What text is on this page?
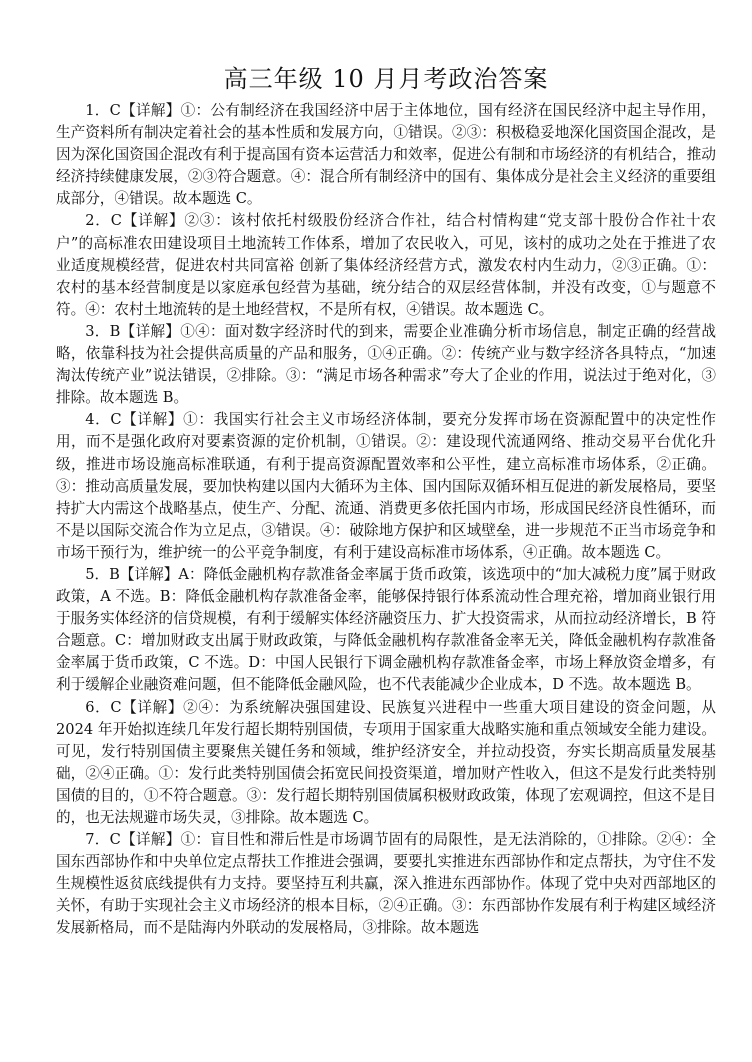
高三年级 10 月月考政治答案

1．C【详解】①：公有制经济在我国经济中居于主体地位，国有经济在国民经济中起主导作用，生产资料所有制决定着社会的基本性质和发展方向，①错误。②③：积极稳妥地深化国资国企混改，是因为深化国资国企混改有利于提高国有资本运营活力和效率，促进公有制和市场经济的有机结合，推动经济持续健康发展，②③符合题意。④：混合所有制经济中的国有、集体成分是社会主义经济的重要组成部分，④错误。故本题选 C。

2．C【详解】②③：该村依托村级股份经济合作社，结合村情构建“党支部十股份合作社十农户”的高标准农田建设项目土地流转工作体系，增加了农民收入，可见，该村的成功之处在于推进了农业适度规模经营，促进农村共同富裕 创新了集体经济经营方式，激发农村内生动力，②③正确。①：农村的基本经营制度是以家庭承包经营为基础，统分结合的双层经营体制，并没有改变，①与题意不符。④：农村土地流转的是土地经营权，不是所有权，④错误。故本题选 C。

3．B【详解】①④：面对数字经济时代的到来，需要企业准确分析市场信息，制定正确的经营战略，依靠科技为社会提供高质量的产品和服务，①④正确。②：传统产业与数字经济各具特点，“加速淘汰传统产业”说法错误，②排除。③：“满足市场各种需求”夸大了企业的作用，说法过于绝对化，③排除。故本题选 B。

4．C【详解】①：我国实行社会主义市场经济体制，要充分发挥市场在资源配置中的决定性作用，而不是强化政府对要素资源的定价机制，①错误。②：建设现代流通网络、推动交易平台优化升级，推进市场设施高标准联通，有利于提高资源配置效率和公平性，建立高标准市场体系，②正确。③：推动高质量发展，要加快构建以国内大循环为主体、国内国际双循环相互促进的新发展格局，要坚持扩大内需这个战略基点，使生产、分配、流通、消费更多依托国内市场，形成国民经济良性循环，而不是以国际交流合作为立足点，③错误。④：破除地方保护和区域壁垒，进一步规范不正当市场竞争和市场干预行为，维护统一的公平竞争制度，有利于建设高标准市场体系，④正确。故本题选 C。

5．B【详解】A：降低金融机构存款准备金率属于货币政策，该选项中的“加大减税力度”属于财政政策，A 不选。B：降低金融机构存款准备金率，能够保持银行体系流动性合理充裕，增加商业银行用于服务实体经济的信贷规模，有利于缓解实体经济融资压力、扩大投资需求，从而拉动经济增长，B 符合题意。C：增加财政支出属于财政政策，与降低金融机构存款准备金率无关，降低金融机构存款准备金率属于货币政策，C 不选。D：中国人民银行下调金融机构存款准备金率，市场上释放资金增多，有利于缓解企业融资难问题，但不能降低金融风险，也不代表能减少企业成本，D 不选。故本题选 B。

6．C【详解】②④：为系统解决强国建设、民族复兴进程中一些重大项目建设的资金问题，从 2024 年开始拟连续几年发行超长期特别国债，专项用于国家重大战略实施和重点领域安全能力建设。可见，发行特别国债主要聚焦关键任务和领域，维护经济安全，并拉动投资，夯实长期高质量发展基础，②④正确。①：发行此类特别国债会拓宽民间投资渠道，增加财产性收入，但这不是发行此类特别国债的目的，①不符合题意。③：发行超长期特别国债属积极财政政策，体现了宏观调控，但这不是目的，也无法规避市场失灵，③排除。故本题选 C。

7．C【详解】①：盲目性和滞后性是市场调节固有的局限性，是无法消除的，①排除。②④：全国东西部协作和中央单位定点帮扶工作推进会强调，要要扎实推进东西部协作和定点帮扶，为守住不发生规模性返贫底线提供有力支持。要坚持互利共赢，深入推进东西部协作。体现了党中央对西部地区的关怀，有助于实现社会主义市场经济的根本目标，②④正确。③：东西部协作发展有利于构建区域经济发展新格局，而不是陆海内外联动的发展格局，③排除。故本题选
